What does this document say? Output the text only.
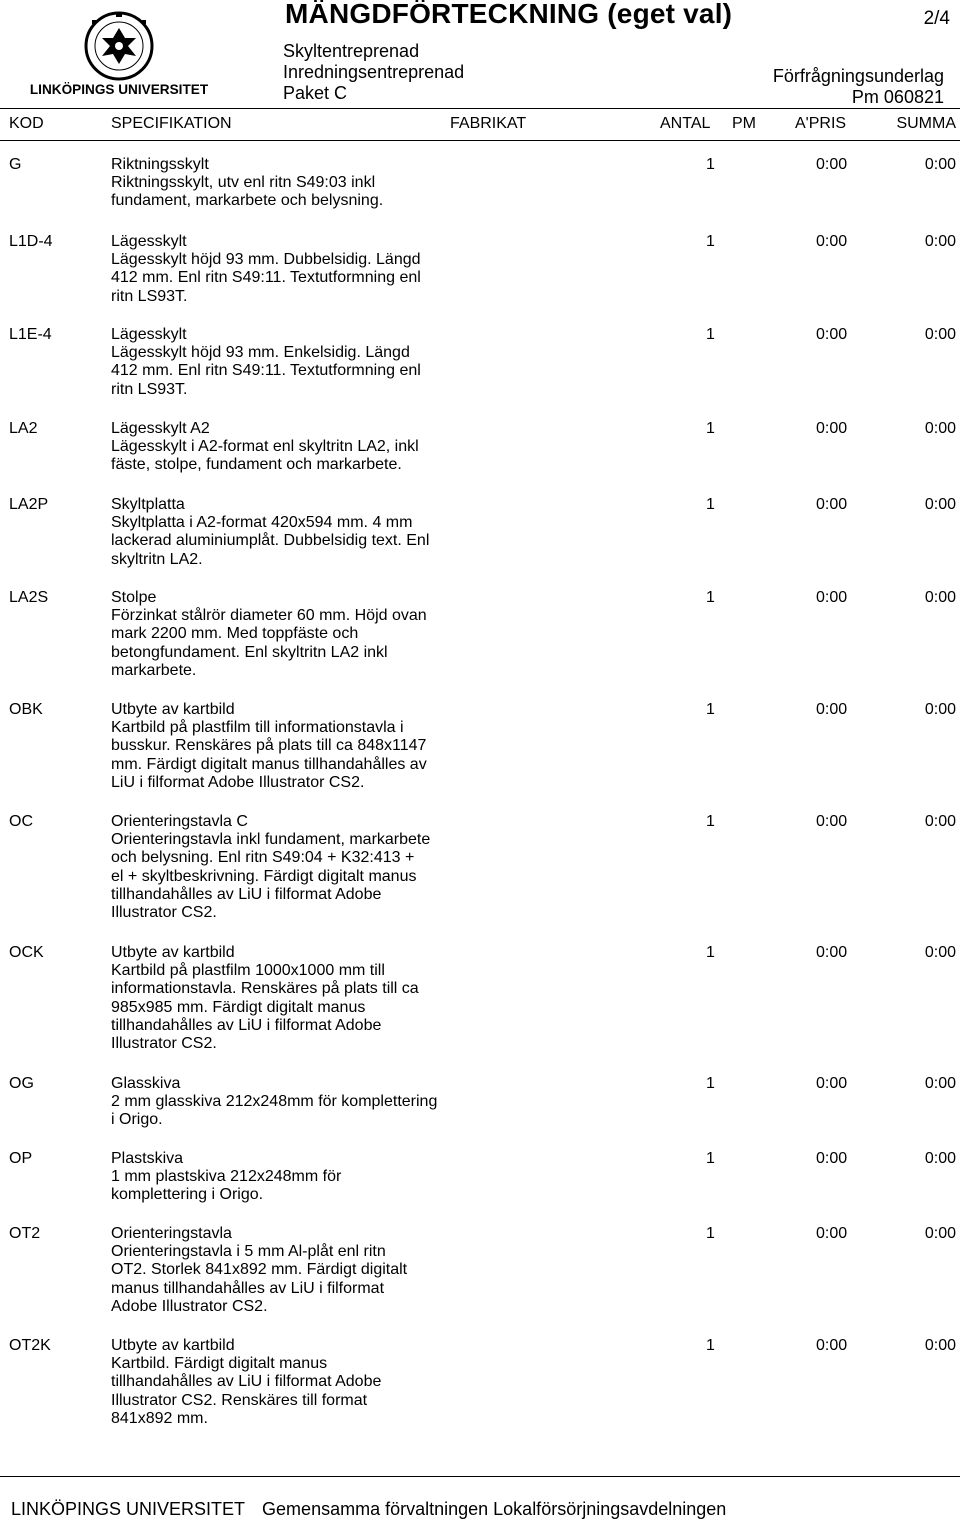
LINKÖPINGS UNIVERSITET
MÄNGDFÖRTECKNING (eget val)	2/4
Skyltentreprenad
Inredningsentreprenad
Paket C
Förfrågningsunderlag
Pm 060821
KOD	SPECIFIKATION	FABRIKAT	ANTAL PM A'PRIS	SUMMA
G	Riktningsskylt
Riktningsskylt, utv enl ritn S49:03 inkl
fundament, markarbete och belysning.
1	0:00	0:00
L1D-4	Lägesskylt
Lägesskylt höjd 93 mm. Dubbelsidig. Längd
412 mm. Enl ritn S49:11. Textutformning enl
ritn LS93T.
1	0:00	0:00
L1E-4	Lägesskylt
Lägesskylt höjd 93 mm. Enkelsidig. Längd
412 mm. Enl ritn S49:11. Textutformning enl
ritn LS93T.
1	0:00	0:00
LA2	Lägesskylt A2
Lägesskylt i A2-format enl skyltritn LA2, inkl
fäste, stolpe, fundament och markarbete.
1	0:00	0:00
LA2P	Skyltplatta
Skyltplatta i A2-format 420x594 mm. 4 mm
lackerad aluminiumplåt. Dubbelsidig text. Enl
skyltritn LA2.
1	0:00	0:00
LA2S	Stolpe
Förzinkat stålrör diameter 60 mm. Höjd ovan
mark 2200 mm. Med toppfäste och
betongfundament. Enl skyltritn LA2 inkl
markarbete.
1	0:00	0:00
OBK	Utbyte av kartbild
Kartbild på plastfilm till informationstavla i
busskur. Renskäres på plats till ca 848x1147
mm. Färdigt digitalt manus tillhandahålles av
LiU i filformat Adobe Illustrator CS2.
1	0:00	0:00
OC	Orienteringstavla C
Orienteringstavla inkl fundament, markarbete
och belysning. Enl ritn S49:04 + K32:413 +
el + skyltbeskrivning. Färdigt digitalt manus
tillhandahålles av LiU i filformat Adobe
Illustrator CS2.
1	0:00	0:00
OCK	Utbyte av kartbild
Kartbild på plastfilm 1000x1000 mm till
informationstavla. Renskäres på plats till ca
985x985 mm. Färdigt digitalt manus
tillhandahålles av LiU i filformat Adobe
Illustrator CS2.
1	0:00	0:00
OG	Glasskiva
2 mm glasskiva 212x248mm för komplettering
i Origo.
1	0:00	0:00
OP	Plastskiva
1 mm plastskiva 212x248mm för
komplettering i Origo.
1	0:00	0:00
OT2	Orienteringstavla
Orienteringstavla i 5 mm Al-plåt enl ritn
OT2. Storlek 841x892 mm. Färdigt digitalt
manus tillhandahålles av LiU i filformat
Adobe Illustrator CS2.
1	0:00	0:00
OT2K	Utbyte av kartbild
Kartbild. Färdigt digitalt manus
tillhandahålles av LiU i filformat Adobe
Illustrator CS2. Renskäres till format
841x892 mm.
1	0:00	0:00
LINKÖPINGS UNIVERSITET Gemensamma förvaltningen Lokalförsörjningsavdelningen
